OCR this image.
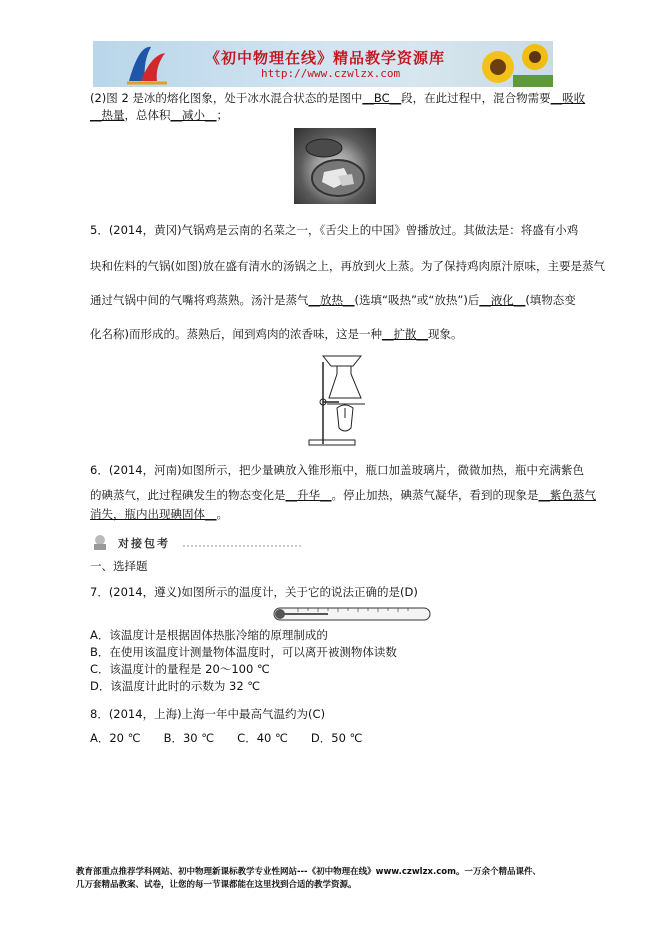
《初中物理在线》精品教学资源库
http://www.czwlzx.com
(2)图 2 是冰的熔化图象，处于冰水混合状态的是图中__BC__段，在此过程中，混合物需要__吸收
__热量，总体积__减小__；
5．(2014，黄冈)气锅鸡是云南的名菜之一，《舌尖上的中国》曾播放过。其做法是：将盛有小鸡
块和佐料的气锅(如图)放在盛有清水的汤锅之上，再放到火上蒸。为了保持鸡肉原汁原味，主要是蒸气
通过气锅中间的气嘴将鸡蒸熟。汤汁是蒸气__放热__(选填“吸热”或“放热”)后__液化__(填物态变
化名称)而形成的。蒸熟后，闻到鸡肉的浓香味，这是一种__扩散__现象。
6．(2014，河南)如图所示，把少量碘放入锥形瓶中，瓶口加盖玻璃片，微微加热，瓶中充满紫色
的碘蒸气，此过程碘发生的物态变化是__升华__。停止加热，碘蒸气凝华，看到的现象是__紫色蒸气
消失，瓶内出现碘固体__。
对接包考
一、选择题
7．(2014，遵义)如图所示的温度计，关于它的说法正确的是(D)
A．该温度计是根据固体热胀冷缩的原理制成的
B．在使用该温度计测量物体温度时，可以离开被测物体读数
C．该温度计的量程是 20～100 ℃
D．该温度计此时的示数为 32 ℃
8．(2014，上海)上海一年中最高气温约为(C)
A．20 ℃　　B．30 ℃　　C．40 ℃　　D．50 ℃
教育部重点推荐学科网站、初中物理新课标教学专业性网站---《初中物理在线》www.czwlzx.com。一万余个精品课件、
几万套精品教案、试卷，让您的每一节课都能在这里找到合适的教学资源。
